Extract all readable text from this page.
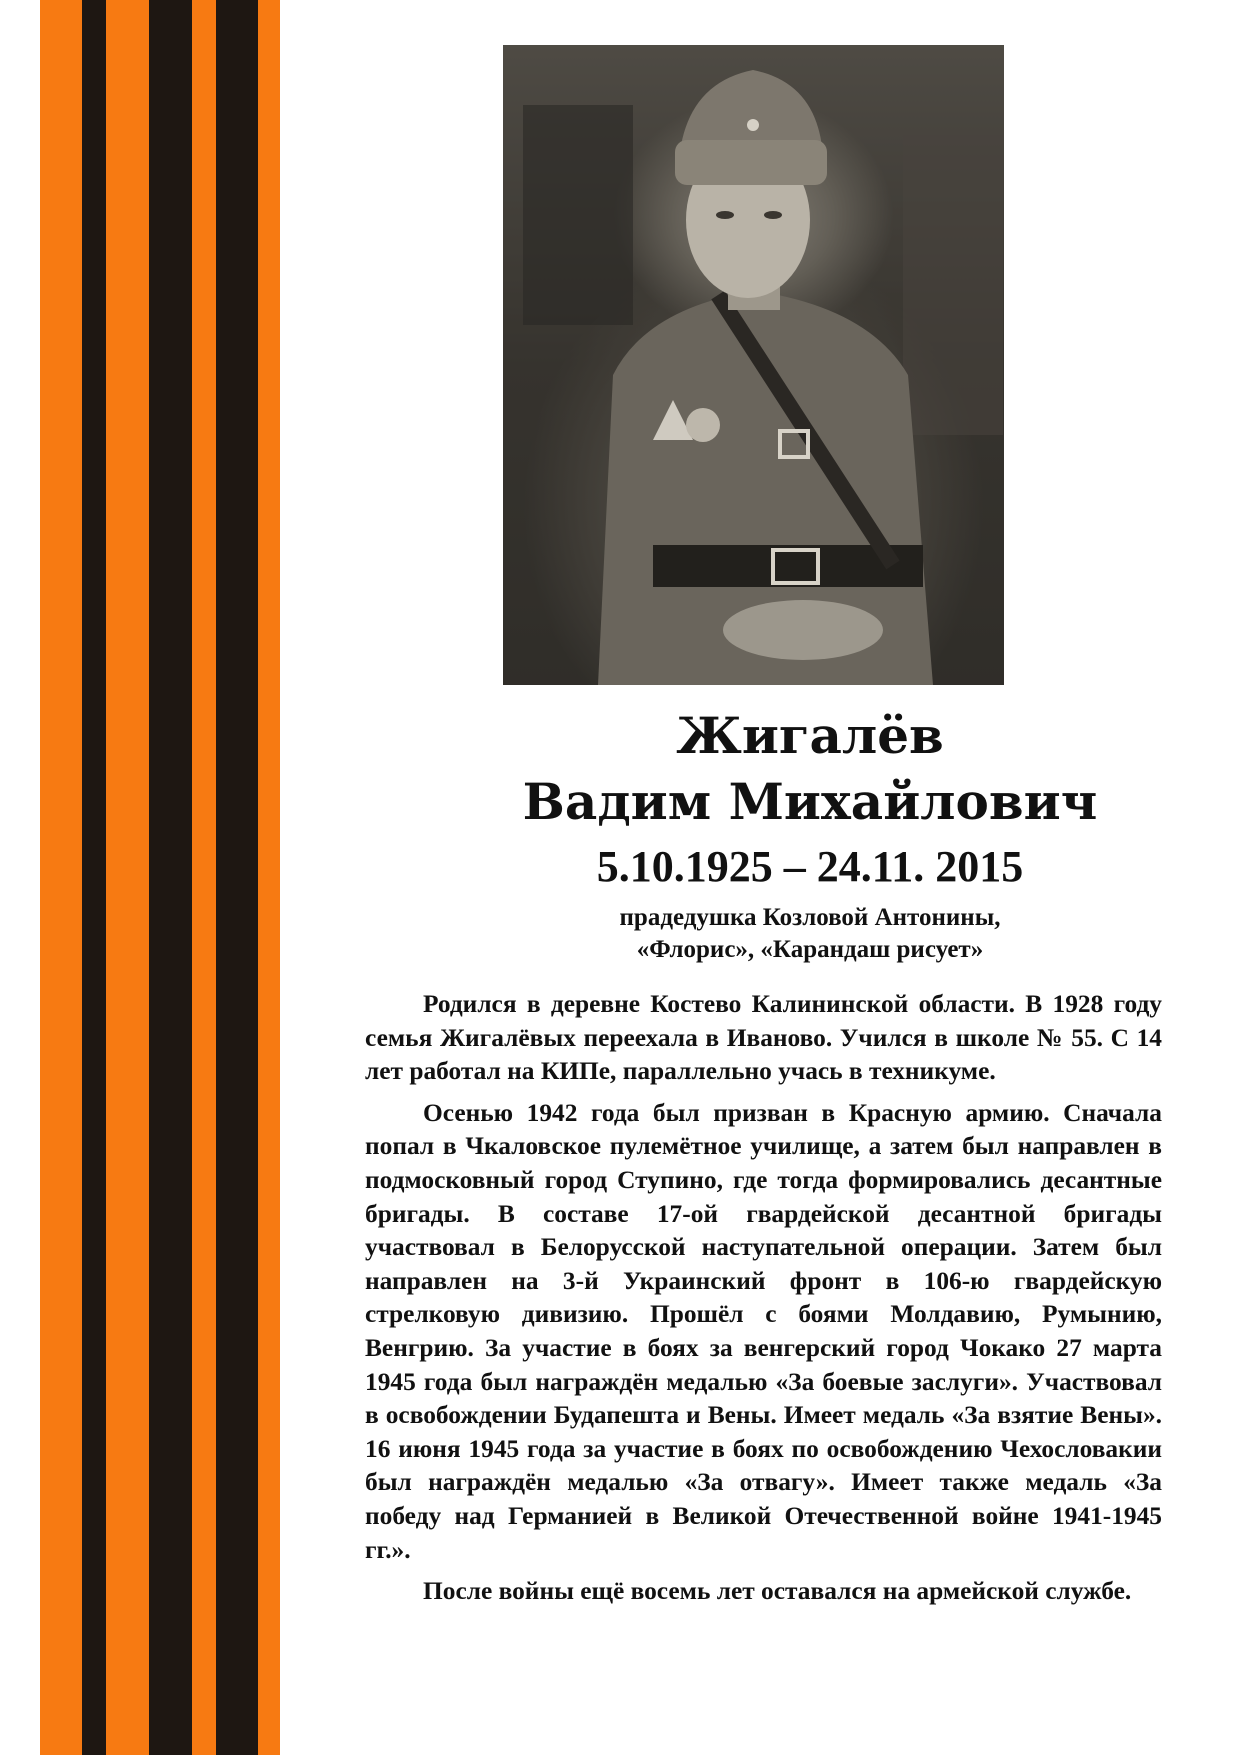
Жигалёв
Вадим Михайлович
5.10.1925 – 24.11. 2015
прадедушка Козловой Антонины,
«Флорис», «Карандаш рисует»

Родился в деревне Костево Калининской области. В 1928 году семья Жигалёвых переехала в Иваново. Учился в школе № 55. С 14 лет работал на КИПе, параллельно учась в техникуме.

Осенью 1942 года был призван в Красную армию. Сначала попал в Чкаловское пулемётное училище, а затем был направлен в подмосковный город Ступино, где тогда формировались десантные бригады. В составе 17-ой гвардейской десантной бригады участвовал в Белорусской наступательной операции. Затем был направлен на 3-й Украинский фронт в 106-ю гвардейскую стрелковую дивизию. Прошёл с боями Молдавию, Румынию, Венгрию. За участие в боях за венгерский город Чокако 27 марта 1945 года был награждён медалью «За боевые заслуги». Участвовал в освобождении Будапешта и Вены. Имеет медаль «За взятие Вены». 16 июня 1945 года за участие в боях по освобождению Чехословакии был награждён медалью «За отвагу». Имеет также медаль «За победу над Германией в Великой Отечественной войне 1941-1945 гг.».

После войны ещё восемь лет оставался на армейской службе.
